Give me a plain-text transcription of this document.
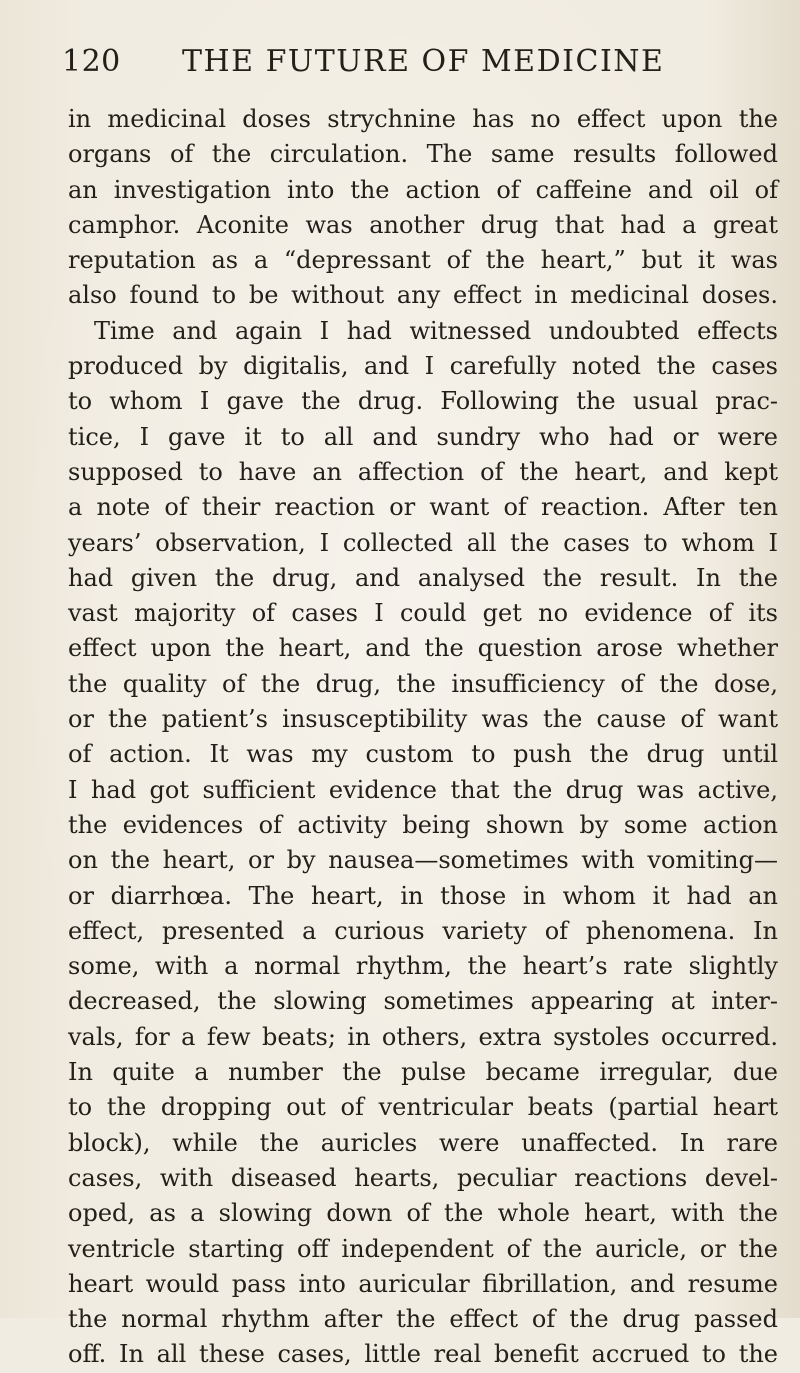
120 THE FUTURE OF MEDICINE
in medicinal doses strychnine has no effect upon the
organs of the circulation. The same results followed
an investigation into the action of caffeine and oil of
camphor. Aconite was another drug that had a great
reputation as a “depressant of the heart,” but it was
also found to be without any effect in medicinal doses.
Time and again I had witnessed undoubted effects
produced by digitalis, and I carefully noted the cases
to whom I gave the drug. Following the usual prac-
tice, I gave it to all and sundry who had or were
supposed to have an affection of the heart, and kept
a note of their reaction or want of reaction. After ten
years’ observation, I collected all the cases to whom I
had given the drug, and analysed the result. In the
vast majority of cases I could get no evidence of its
effect upon the heart, and the question arose whether
the quality of the drug, the insufficiency of the dose,
or the patient’s insusceptibility was the cause of want
of action. It was my custom to push the drug until
I had got sufficient evidence that the drug was active,
the evidences of activity being shown by some action
on the heart, or by nausea—sometimes with vomiting—
or diarrhœa. The heart, in those in whom it had an
effect, presented a curious variety of phenomena. In
some, with a normal rhythm, the heart’s rate slightly
decreased, the slowing sometimes appearing at inter-
vals, for a few beats; in others, extra systoles occurred.
In quite a number the pulse became irregular, due
to the dropping out of ventricular beats (partial heart
block), while the auricles were unaffected. In rare
cases, with diseased hearts, peculiar reactions devel-
oped, as a slowing down of the whole heart, with the
ventricle starting off independent of the auricle, or the
heart would pass into auricular fibrillation, and resume
the normal rhythm after the effect of the drug passed
off. In all these cases, little real benefit accrued to the
